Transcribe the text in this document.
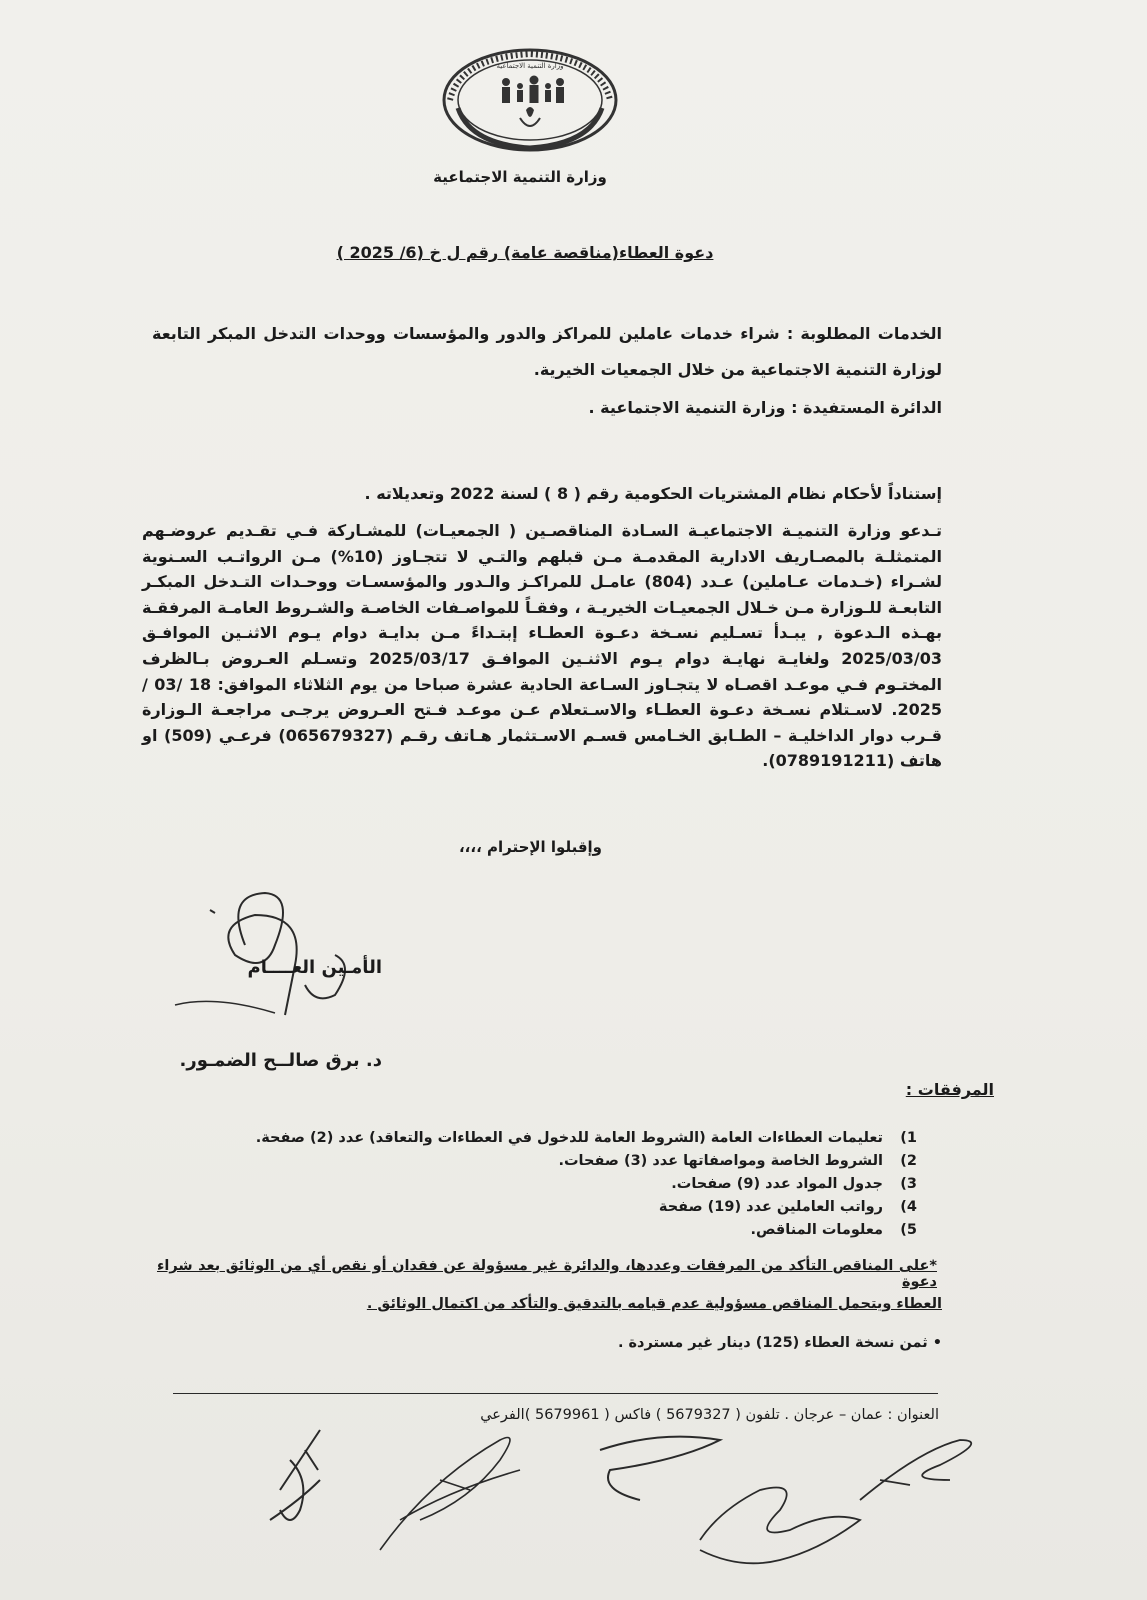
وزارة التنمية الاجتماعية
وزارة التنمية الاجتماعية
دعوة العطاء(مناقصة عامة) رقم ل خ (6/ 2025 )
الخدمات المطلوبة : شراء خدمات عاملين للمراكز والدور والمؤسسات ووحدات التدخل المبكر التابعة لوزارة التنمية الاجتماعية من خلال الجمعيات الخيرية.
الدائرة المستفيدة : وزارة التنمية الاجتماعية .
إستناداً لأحكام نظام المشتريات الحكومية رقم ( 8 ) لسنة 2022 وتعديلاته .
تـدعو وزارة التنميـة الاجتماعيـة السـادة المناقصـين ( الجمعيـات) للمشـاركة فـي تقـديم عروضـهم المتمثلـة بالمصـاريف الادارية المقدمـة مـن قبلهم والتـي لا تتجـاوز (10%) مـن الرواتـب السـنوية لشـراء (خـدمات عـاملين) عـدد (804) عامـل للمراكـز والـدور والمؤسسـات ووحـدات التـدخل المبكـر التابعـة للـوزارة مـن خـلال الجمعيـات الخيريـة ، وفقـاً للمواصـفات الخاصـة والشـروط العامـة المرفقـة بهـذه الـدعوة , يبـدأ تسـليم نسـخة دعـوة العطـاء إبتـداءً مـن بدايـة دوام يـوم الاثنـين الموافـق 2025/03/03 ولغايـة نهايـة دوام يـوم الاثنـين الموافـق 2025/03/17 وتسـلم العـروض بـالظرف المختـوم فـي موعـد اقصـاه لا يتجـاوز السـاعة الحادية عشرة صباحا من يوم الثلاثاء الموافق: 18 /03 / 2025. لاسـتلام نسـخة دعـوة العطـاء والاسـتعلام عـن موعـد فـتح العـروض يرجـى مراجعـة الـوزارة قـرب دوار الداخليـة – الطـابق الخـامس قسـم الاسـتثمار هـاتف رقـم (065679327) فرعـي (509) او هاتف (0789191211).
وإقبلوا الإحترام ،،،،
الأمـين العــــام
د. برق صالــح الضمـور.
المرفقات :
1)
تعليمات العطاءات العامة (الشروط العامة للدخول في العطاءات والتعاقد) عدد (2) صفحة.
2)
الشروط الخاصة ومواصفاتها عدد (3) صفحات.
3)
جدول المواد عدد (9) صفحات.
4)
رواتب العاملين عدد (19) صفحة
5)
معلومات المناقص.
*على المناقص التأكد من المرفقات وعددها، والدائرة غير مسؤولة عن فقدان أو نقص أي من الوثائق بعد شراء دعوة
العطاء ويتحمل المناقص مسؤولية عدم قيامه بالتدقيق والتأكد من اكتمال الوثائق .
• ثمن نسخة العطاء (125) دينار غير مستردة .
العنوان : عمان – عرجان . تلفون ( 5679327 ) فاكس ( 5679961 )الفرعي
